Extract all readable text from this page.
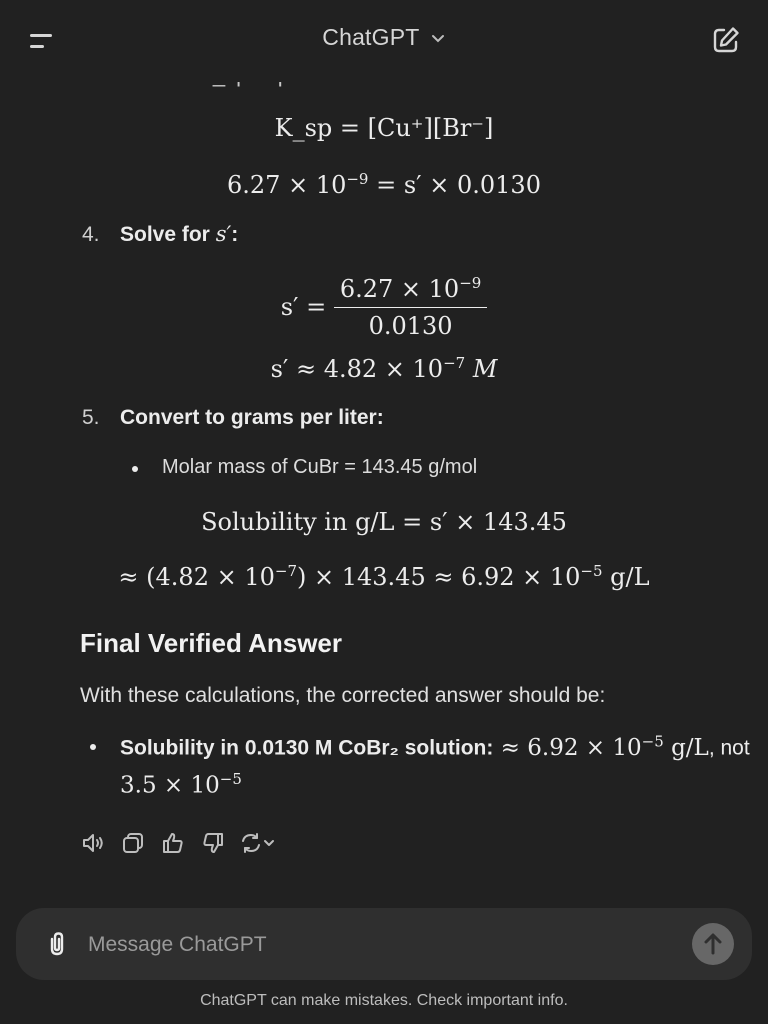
K_sp = [Cu⁺][Br⁻]
$6.27 \times 10^{-9} = s' \times 0.0130$
4. Solve for s′:
$s' = \frac{6.27 \times 10^{-9}}{0.0130}$
$s' \approx 4.82 \times 10^{-7}$ M
5. Convert to grams per liter:
Molar mass of CuBr = 143.45 g/mol
Solubility in g/L = s′ × 143.45
≈ $(4.82 \times 10^{-7}) \times 143.45 \approx 6.92 \times 10^{-5}$ g/L
Final Verified Answer
With these calculations, the corrected answer should be:
Solubility in 0.0130 M CoBr₂ solution: ≈ $6.92 \times 10^{-5}$ g/L, not
$3.5 \times 10^{-5}$
ChatGPT
Message ChatGPT
ChatGPT can make mistakes. Check important info.
